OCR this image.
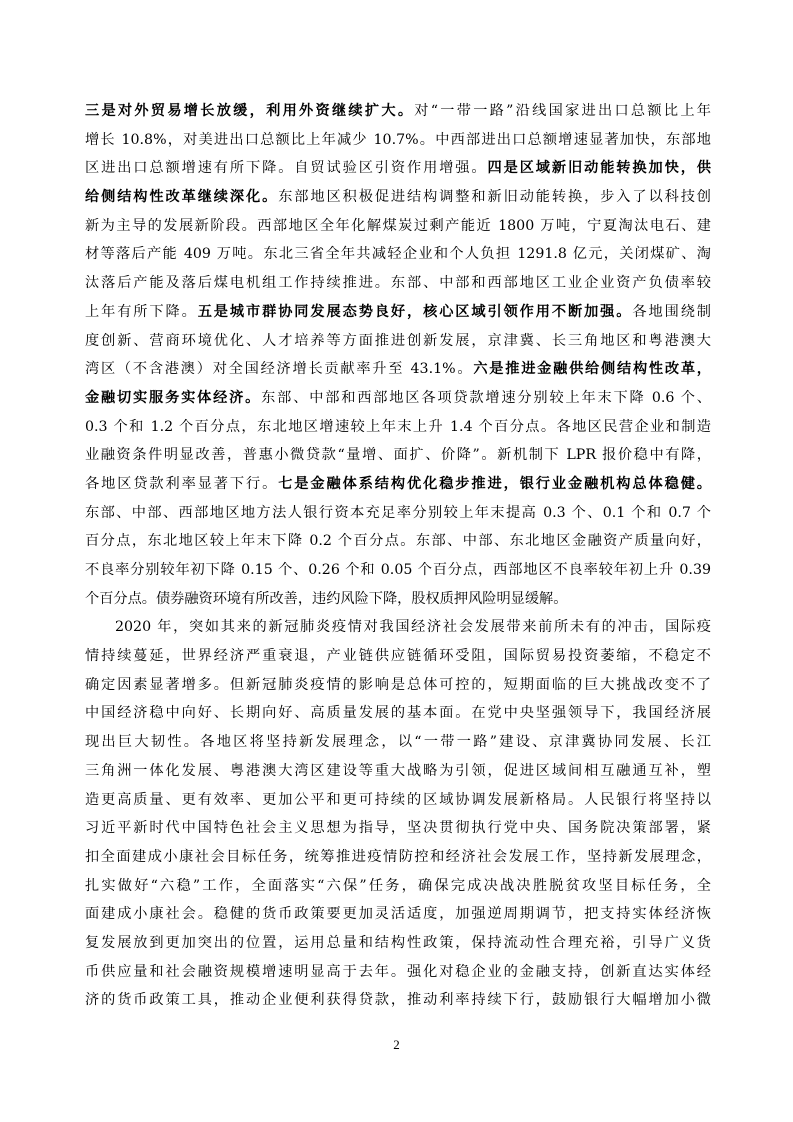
三是对外贸易增长放缓，利用外资继续扩大。对“一带一路”沿线国家进出口总额比上年
增长 10.8%，对美进出口总额比上年减少 10.7%。中西部进出口总额增速显著加快，东部地
区进出口总额增速有所下降。自贸试验区引资作用增强。四是区域新旧动能转换加快，供
给侧结构性改革继续深化。东部地区积极促进结构调整和新旧动能转换，步入了以科技创
新为主导的发展新阶段。西部地区全年化解煤炭过剩产能近 1800 万吨，宁夏淘汰电石、建
材等落后产能 409 万吨。东北三省全年共减轻企业和个人负担 1291.8 亿元，关闭煤矿、淘
汰落后产能及落后煤电机组工作持续推进。东部、中部和西部地区工业企业资产负债率较
上年有所下降。五是城市群协同发展态势良好，核心区域引领作用不断加强。各地围绕制
度创新、营商环境优化、人才培养等方面推进创新发展，京津冀、长三角地区和粤港澳大
湾区（不含港澳）对全国经济增长贡献率升至 43.1%。六是推进金融供给侧结构性改革，
金融切实服务实体经济。东部、中部和西部地区各项贷款增速分别较上年末下降 0.6 个、
0.3 个和 1.2 个百分点，东北地区增速较上年末上升 1.4 个百分点。各地区民营企业和制造
业融资条件明显改善，普惠小微贷款“量增、面扩、价降”。新机制下 LPR 报价稳中有降，
各地区贷款利率显著下行。七是金融体系结构优化稳步推进，银行业金融机构总体稳健。
东部、中部、西部地区地方法人银行资本充足率分别较上年末提高 0.3 个、0.1 个和 0.7 个
百分点，东北地区较上年末下降 0.2 个百分点。东部、中部、东北地区金融资产质量向好，
不良率分别较年初下降 0.15 个、0.26 个和 0.05 个百分点，西部地区不良率较年初上升 0.39
个百分点。债券融资环境有所改善，违约风险下降，股权质押风险明显缓解。
2020 年，突如其来的新冠肺炎疫情对我国经济社会发展带来前所未有的冲击，国际疫
情持续蔓延，世界经济严重衰退，产业链供应链循环受阻，国际贸易投资萎缩，不稳定不
确定因素显著增多。但新冠肺炎疫情的影响是总体可控的，短期面临的巨大挑战改变不了
中国经济稳中向好、长期向好、高质量发展的基本面。在党中央坚强领导下，我国经济展
现出巨大韧性。各地区将坚持新发展理念，以“一带一路”建设、京津冀协同发展、长江
三角洲一体化发展、粤港澳大湾区建设等重大战略为引领，促进区域间相互融通互补，塑
造更高质量、更有效率、更加公平和更可持续的区域协调发展新格局。人民银行将坚持以
习近平新时代中国特色社会主义思想为指导，坚决贯彻执行党中央、国务院决策部署，紧
扣全面建成小康社会目标任务，统筹推进疫情防控和经济社会发展工作，坚持新发展理念，
扎实做好“六稳”工作，全面落实“六保”任务，确保完成决战决胜脱贫攻坚目标任务，全
面建成小康社会。稳健的货币政策要更加灵活适度，加强逆周期调节，把支持实体经济恢
复发展放到更加突出的位置，运用总量和结构性政策，保持流动性合理充裕，引导广义货
币供应量和社会融资规模增速明显高于去年。强化对稳企业的金融支持，创新直达实体经
济的货币政策工具，推动企业便利获得贷款，推动利率持续下行，鼓励银行大幅增加小微
2
